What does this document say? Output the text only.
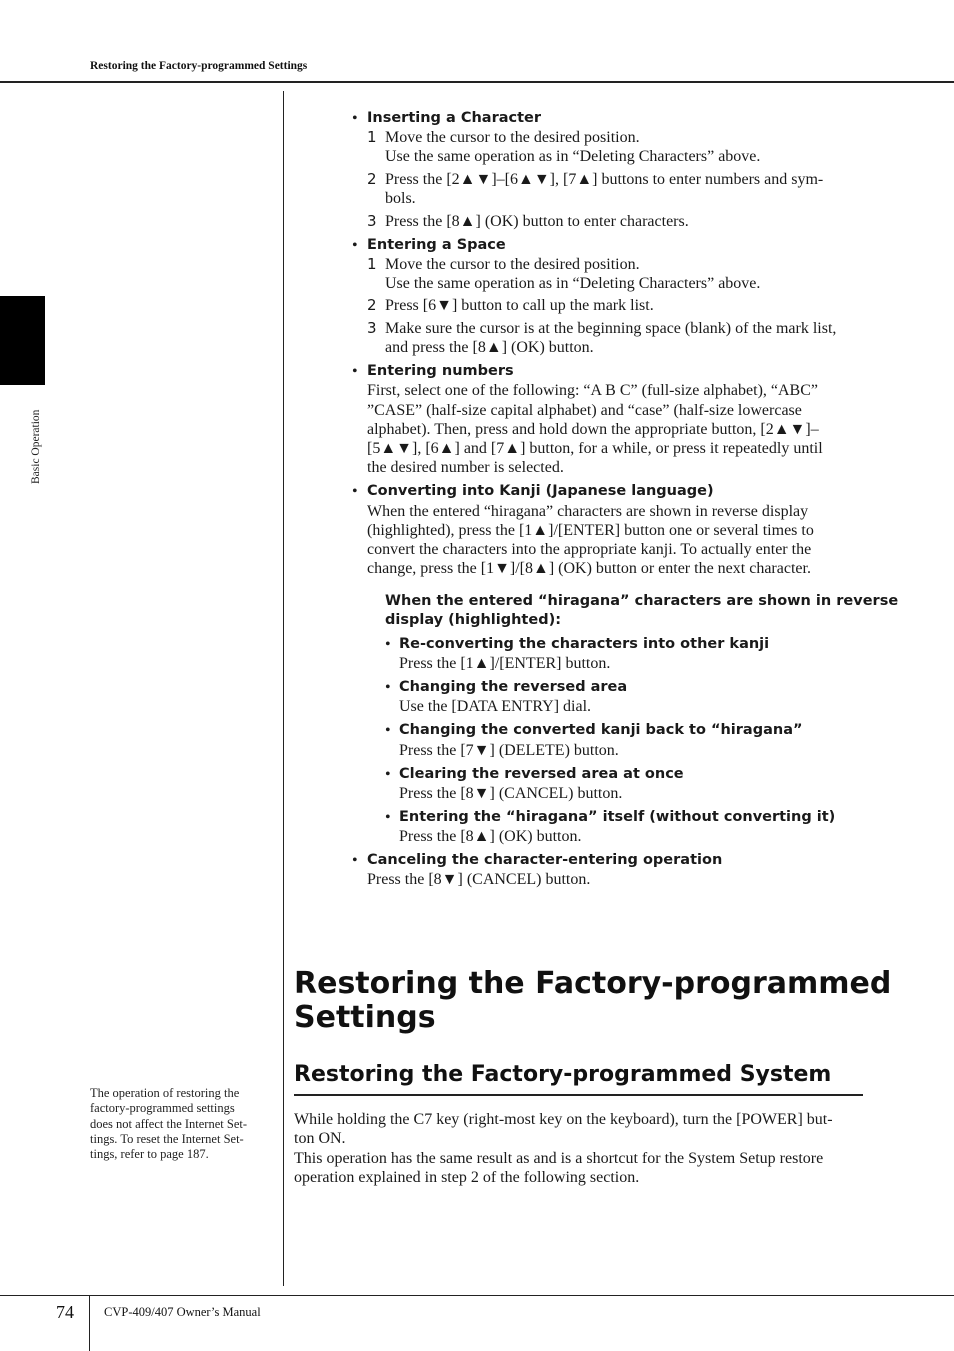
Restoring the Factory-programmed Settings
Basic Operation
• Inserting a Character
1 Move the cursor to the desired position.
Use the same operation as in “Deleting Characters” above.
2 Press the [2▲▼]–[6▲▼], [7▲] buttons to enter numbers and sym-
bols.
3 Press the [8▲] (OK) button to enter characters.
• Entering a Space
1 Move the cursor to the desired position.
Use the same operation as in “Deleting Characters” above.
2 Press [6▼] button to call up the mark list.
3 Make sure the cursor is at the beginning space (blank) of the mark list,
and press the [8▲] (OK) button.
• Entering numbers
First, select one of the following: “A B C” (full-size alphabet), “ABC”
”CASE” (half-size capital alphabet) and “case” (half-size lowercase
alphabet). Then, press and hold down the appropriate button, [2▲▼]–
[5▲▼], [6▲] and [7▲] button, for a while, or press it repeatedly until
the desired number is selected.
• Converting into Kanji (Japanese language)
When the entered “hiragana” characters are shown in reverse display
(highlighted), press the [1▲]/[ENTER] button one or several times to
convert the characters into the appropriate kanji. To actually enter the
change, press the [1▼]/[8▲] (OK) button or enter the next character.
When the entered “hiragana” characters are shown in reverse
display (highlighted):
• Re-converting the characters into other kanji
Press the [1▲]/[ENTER] button.
• Changing the reversed area
Use the [DATA ENTRY] dial.
• Changing the converted kanji back to “hiragana”
Press the [7▼] (DELETE) button.
• Clearing the reversed area at once
Press the [8▼] (CANCEL) button.
• Entering the “hiragana” itself (without converting it)
Press the [8▲] (OK) button.
• Canceling the character-entering operation
Press the [8▼] (CANCEL) button.
Restoring the Factory-programmed Settings
Restoring the Factory-programmed System
While holding the C7 key (right-most key on the keyboard), turn the [POWER] but-
ton ON.
This operation has the same result as and is a shortcut for the System Setup restore
operation explained in step 2 of the following section.
The operation of restoring the
factory-programmed settings
does not affect the Internet Set-
tings. To reset the Internet Set-
tings, refer to page 187.
74 CVP-409/407 Owner’s Manual
